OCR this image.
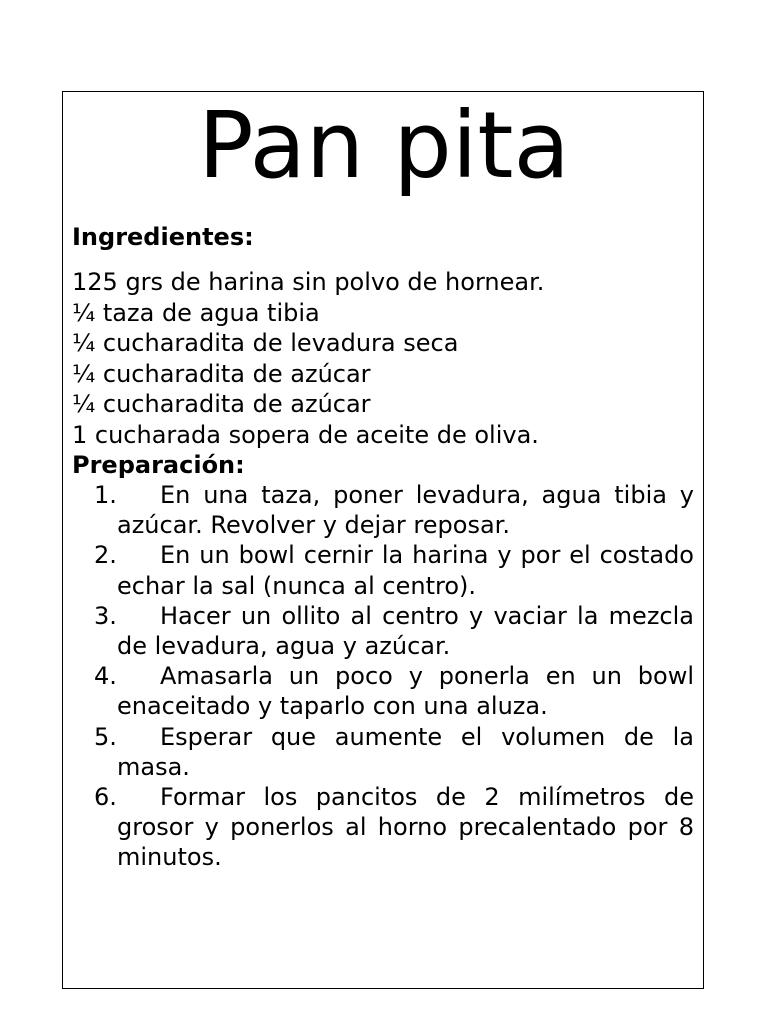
Pan pita
Ingredientes:
125 grs de harina sin polvo de hornear.
¼ taza de agua tibia
¼ cucharadita de levadura seca
¼ cucharadita de azúcar
¼ cucharadita de azúcar
1 cucharada sopera de aceite de oliva.
Preparación:
1.	En una taza, poner levadura, agua tibia y azúcar. Revolver y dejar reposar.
2.	En un bowl cernir la harina y por el costado echar la sal (nunca al centro).
3.	Hacer un ollito al centro y vaciar la mezcla de levadura, agua y azúcar.
4.	Amasarla un poco y ponerla en un bowl enaceitado y taparlo con una aluza.
5.	Esperar que aumente el volumen de la masa.
6.	Formar los pancitos de 2 milímetros de grosor y ponerlos al horno precalentado por 8 minutos.
